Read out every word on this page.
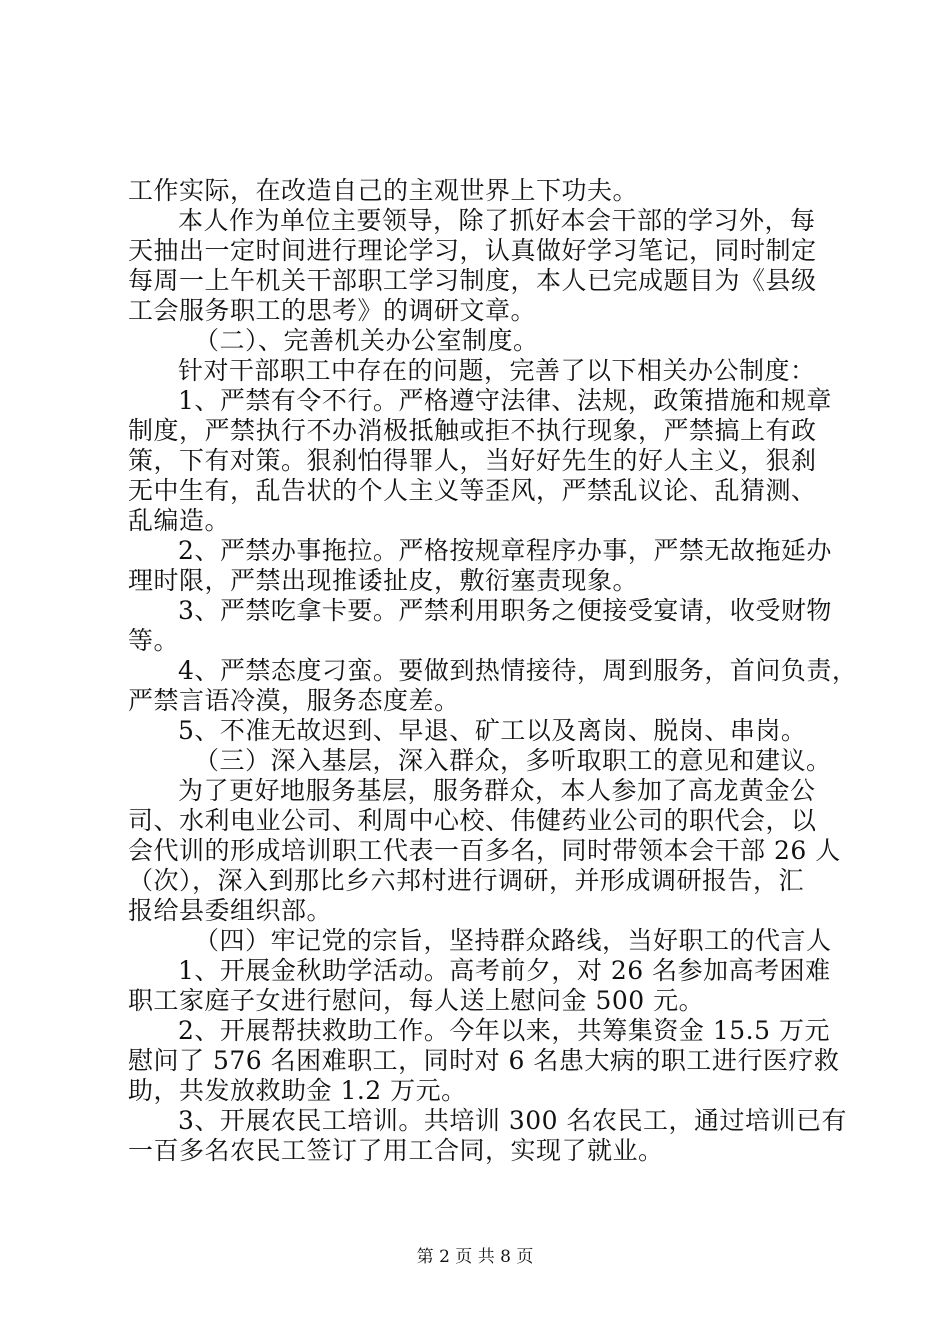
工作实际，在改造自己的主观世界上下功夫。
本人作为单位主要领导，除了抓好本会干部的学习外，每
天抽出一定时间进行理论学习，认真做好学习笔记，同时制定
每周一上午机关干部职工学习制度，本人已完成题目为《县级
工会服务职工的思考》的调研文章。
（二）、完善机关办公室制度。
针对干部职工中存在的问题，完善了以下相关办公制度：
1、严禁有令不行。严格遵守法律、法规，政策措施和规章
制度，严禁执行不办消极抵触或拒不执行现象，严禁搞上有政
策，下有对策。狠刹怕得罪人，当好好先生的好人主义，狠刹
无中生有，乱告状的个人主义等歪风，严禁乱议论、乱猜测、
乱编造。
2、严禁办事拖拉。严格按规章程序办事，严禁无故拖延办
理时限，严禁出现推诿扯皮，敷衍塞责现象。
3、严禁吃拿卡要。严禁利用职务之便接受宴请，收受财物
等。
4、严禁态度刁蛮。要做到热情接待，周到服务，首问负责，
严禁言语冷漠，服务态度差。
5、不准无故迟到、早退、矿工以及离岗、脱岗、串岗。
（三）深入基层，深入群众，多听取职工的意见和建议。
为了更好地服务基层，服务群众，本人参加了高龙黄金公
司、水利电业公司、利周中心校、伟健药业公司的职代会，以
会代训的形成培训职工代表一百多名，同时带领本会干部 26 人
（次），深入到那比乡六邦村进行调研，并形成调研报告，汇
报给县委组织部。
（四）牢记党的宗旨，坚持群众路线，当好职工的代言人
1、开展金秋助学活动。高考前夕，对 26 名参加高考困难
职工家庭子女进行慰问，每人送上慰问金 500 元。
2、开展帮扶救助工作。今年以来，共筹集资金 15.5 万元
慰问了 576 名困难职工，同时对 6 名患大病的职工进行医疗救
助，共发放救助金 1.2 万元。
3、开展农民工培训。共培训 300 名农民工，通过培训已有
一百多名农民工签订了用工合同，实现了就业。
第 2 页 共 8 页
